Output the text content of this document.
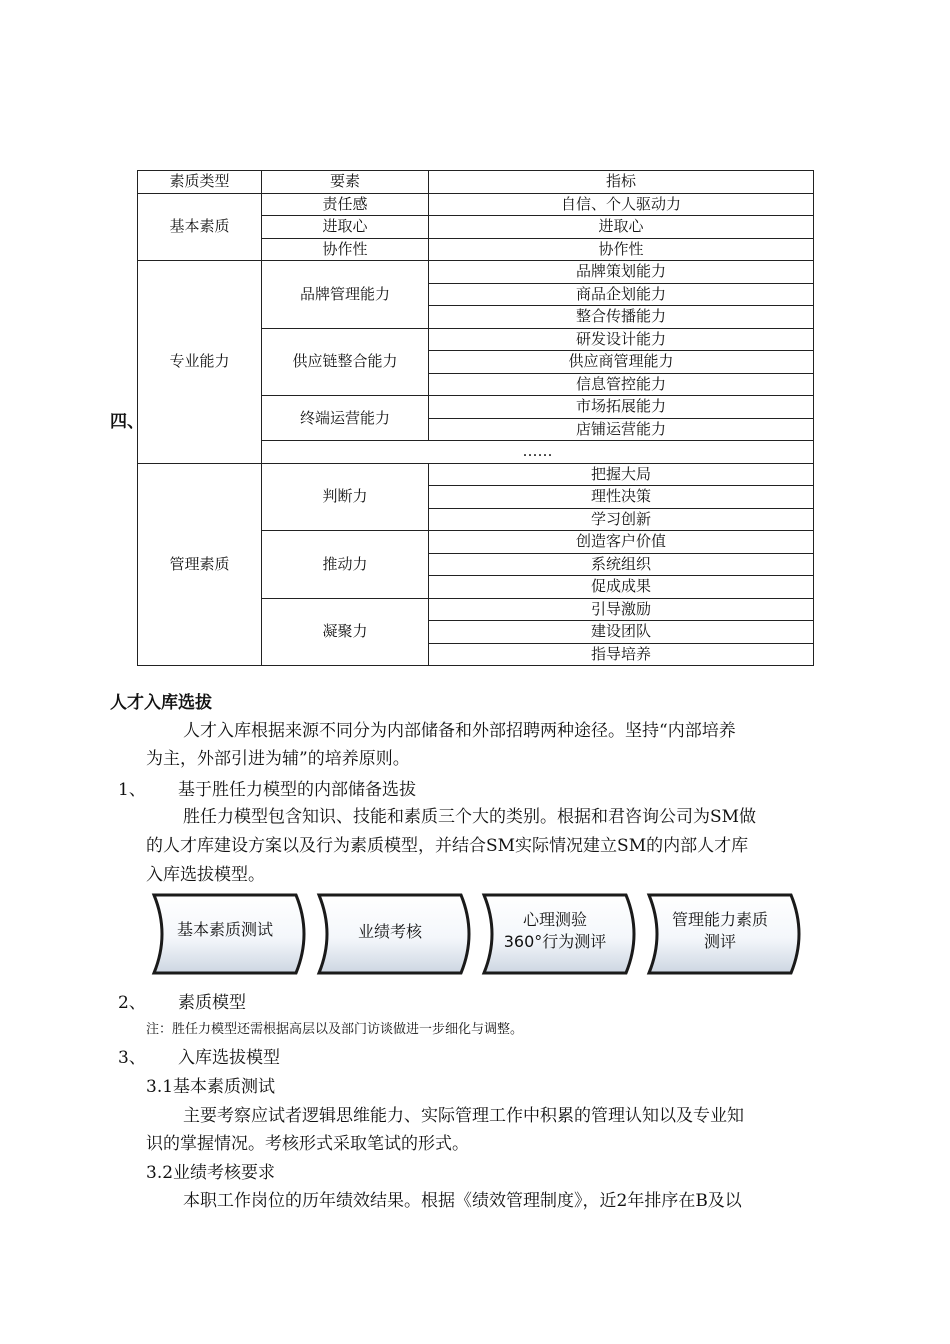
四、
素质类型	要素	指标
基本素质	责任感	自信、个人驱动力
	进取心	进取心
	协作性	协作性
专业能力	品牌管理能力	品牌策划能力
		商品企划能力
		整合传播能力
	供应链整合能力	研发设计能力
		供应商管理能力
		信息管控能力
	终端运营能力	市场拓展能力
		店铺运营能力
	……	

管理素质	判断力	把握大局
		理性决策
		学习创新
	推动力	创造客户价值
		系统组织
		促成成果
	凝聚力	引导激励
		建设团队
		指导培养
人才入库选拔
人才入库根据来源不同分为内部储备和外部招聘两种途径。坚持“内部培养
为主，外部引进为辅”的培养原则。
1、 基于胜任力模型的内部储备选拔
胜任力模型包含知识、技能和素质三个大的类别。根据和君咨询公司为SM做
的人才库建设方案以及行为素质模型，并结合SM实际情况建立SM的内部人才库
入库选拔模型。
基本素质测试	业绩考核
心理测验
360°行为测评
管理能力素质
测评
2、 素质模型
注：胜任力模型还需根据高层以及部门访谈做进一步细化与调整。
3、 入库选拔模型
3.1基本素质测试
主要考察应试者逻辑思维能力、实际管理工作中积累的管理认知以及专业知
识的掌握情况。考核形式采取笔试的形式。
3.2业绩考核要求
本职工作岗位的历年绩效结果。根据《绩效管理制度》，近2年排序在B及以
